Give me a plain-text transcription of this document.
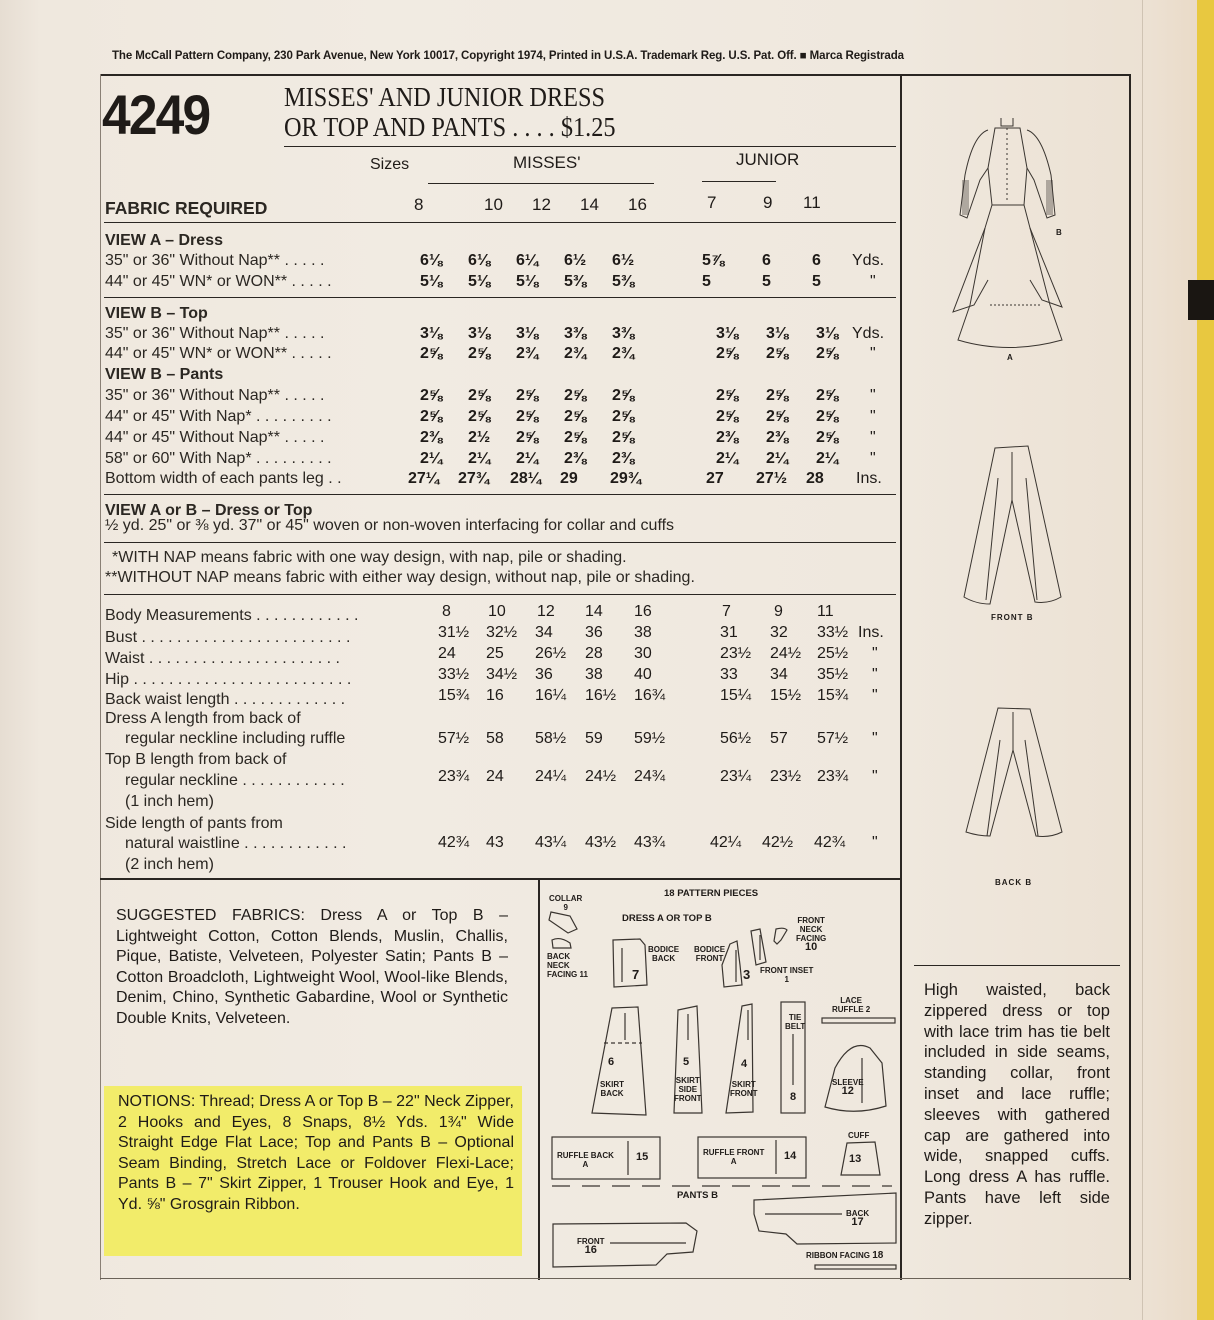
The McCall Pattern Company, 230 Park Avenue, New York 10017, Copyright 1974, Printed in U.S.A. Trademark Reg. U.S. Pat. Off. ■ Marca Registrada
4249	MISSES' AND JUNIOR DRESS
OR TOP AND PANTS . . . . $1.25
Sizes	MISSES'	JUNIOR
FABRIC REQUIRED	8	10 12 14 16	7	9 11
VIEW A – Dress
35" or 36" Without Nap** . . . . .	6⅛ 6⅛ 6¼ 6½ 6½	5⅞ 6	6 Yds.
44" or 45" WN* or WON** . . . . .	5⅛ 5⅛ 5⅛ 5⅜ 5⅜	5	5	5	"
VIEW B – Top
35" or 36" Without Nap** . . . . .	3⅛ 3⅛ 3⅛ 3⅜ 3⅜	3⅛ 3⅛ 3⅛ Yds.
44" or 45" WN* or WON** . . . . .	2⅝ 2⅝ 2¾ 2¾ 2¾	2⅝ 2⅝ 2⅝ "
VIEW B – Pants
35" or 36" Without Nap** . . . . .	2⅝ 2⅝ 2⅝ 2⅝ 2⅝	2⅝ 2⅝ 2⅝ "
44" or 45" With Nap* . . . . . . . . .	2⅝ 2⅝ 2⅝ 2⅝ 2⅝	2⅝ 2⅝ 2⅝ "
44" or 45" Without Nap** . . . . .	2⅜ 2½ 2⅝ 2⅝ 2⅝	2⅜ 2⅜ 2⅝ "
58" or 60" With Nap* . . . . . . . . .	2¼ 2¼ 2¼ 2⅜ 2⅜	2¼ 2¼ 2¼ "
Bottom width of each pants leg . .	27¼ 27¾ 28¼ 29 29¾	27 27½ 28 Ins.
VIEW A or B – Dress or Top
½ yd. 25" or ⅜ yd. 37" or 45" woven or non-woven interfacing for collar and cuffs
*WITH NAP means fabric with one way design, with nap, pile or shading.
**WITHOUT NAP means fabric with either way design, without nap, pile or shading.
Body Measurements . . . . . . . . . . . .	8 10 12 14 16	7	9 11
Bust . . . . . . . . . . . . . . . . . . . . . . . .	31½ 32½ 34 36 38	31 32 33½ Ins.
Waist . . . . . . . . . . . . . . . . . . . . . .	24 25 26½ 28 30	23½ 24½ 25½ "
Hip . . . . . . . . . . . . . . . . . . . . . . . . .	33½ 34½ 36 38 40	33 34 35½ "
Back waist length . . . . . . . . . . . . .	15¾ 16 16¼ 16½ 16¾	15¼ 15½ 15¾ "
Dress A length from back of
regular neckline including ruffle	57½ 58 58½ 59 59½	56½ 57 57½ "
Top B length from back of
regular neckline . . . . . . . . . . . .
(1 inch hem)
23¾ 24 24¼ 24½ 24¾	23¼ 23½ 23¾ "
Side length of pants from
natural waistline . . . . . . . . . . . .
(2 inch hem)
42¾ 43 43¼ 43½ 43¾	42¼ 42½ 42¾ "
SUGGESTED FABRICS: Dress A or Top B – Lightweight Cotton, Cotton Blends, Muslin, Challis, Pique, Batiste, Velveteen, Polyester Satin; Pants B – Cotton Broadcloth, Lightweight Wool, Wool-like Blends, Denim, Chino, Synthetic Gabardine, Wool or Synthetic Double Knits, Velveteen.
NOTIONS: Thread; Dress A or Top B – 22" Neck Zipper, 2 Hooks and Eyes, 8 Snaps, 8½ Yds. 1¾" Wide Straight Edge Flat Lace; Top and Pants B – Optional Seam Binding, Stretch Lace or Foldover Flexi-Lace; Pants B – 7" Skirt Zipper, 1 Trouser Hook and Eye, 1 Yd. ⅝" Grosgrain Ribbon.
18 PATTERN PIECES
DRESS A OR TOP B
PANTS B
COLLAR
9
BACK
NECK
FACING 11
BODICE
BACK
7
BODICE
FRONT
3 FRONT INSET
1
FRONT
NECK
FACING
10
6
SKIRT
BACK
5
SKIRT
SIDE
FRONT
4
SKIRT
FRONT
TIE
BELT
8
LACE
RUFFLE 2
SLEEVE
12
RUFFLE BACK
A
15	RUFFLE FRONT
A	14
CUFF
13
FRONT
16
BACK
17
RIBBON FACING 18
B
A
FRONT B
BACK B
High waisted, back zippered dress or top with lace trim has tie belt included in side seams, standing collar, front inset and lace ruffle; sleeves with gathered cap are gathered into wide, snapped cuffs. Long dress A has ruffle. Pants have left side zipper.
